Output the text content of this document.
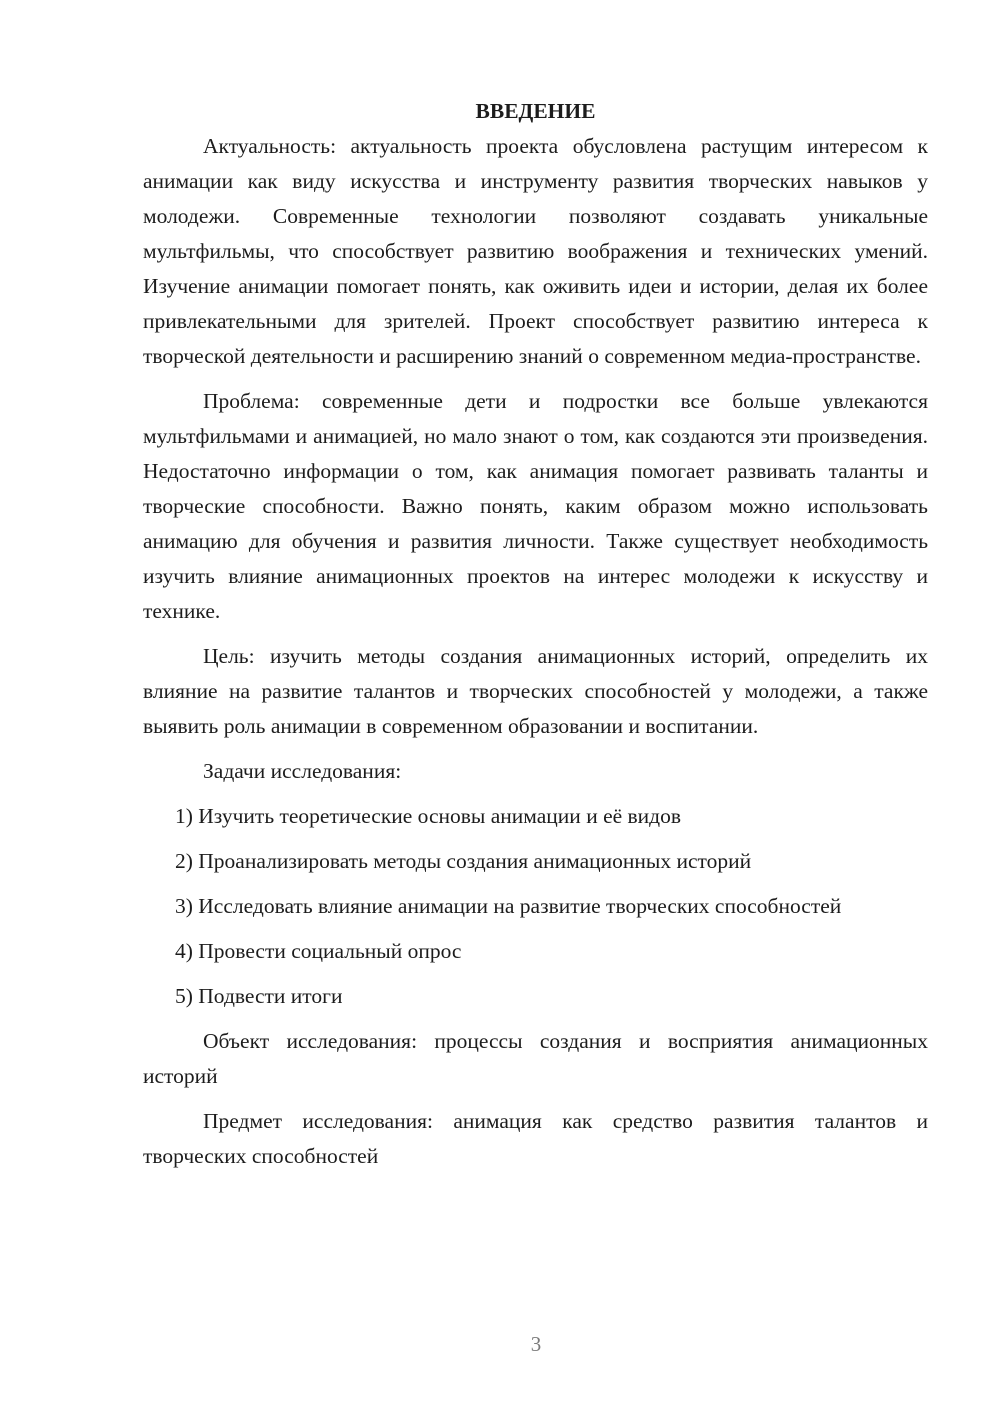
ВВЕДЕНИЕ

Актуальность: актуальность проекта обусловлена растущим интересом к анимации как виду искусства и инструменту развития творческих навыков у молодежи. Современные технологии позволяют создавать уникальные мультфильмы, что способствует развитию воображения и технических умений. Изучение анимации помогает понять, как оживить идеи и истории, делая их более привлекательными для зрителей. Проект способствует развитию интереса к творческой деятельности и расширению знаний о современном медиа-пространстве.

Проблема: современные дети и подростки все больше увлекаются мультфильмами и анимацией, но мало знают о том, как создаются эти произведения. Недостаточно информации о том, как анимация помогает развивать таланты и творческие способности. Важно понять, каким образом можно использовать анимацию для обучения и развития личности. Также существует необходимость изучить влияние анимационных проектов на интерес молодежи к искусству и технике.

Цель: изучить методы создания анимационных историй, определить их влияние на развитие талантов и творческих способностей у молодежи, а также выявить роль анимации в современном образовании и воспитании.

Задачи исследования:

1) Изучить теоретические основы анимации и её видов

2) Проанализировать методы создания анимационных историй

3) Исследовать влияние анимации на развитие творческих способностей

4) Провести социальный опрос

5) Подвести итоги

Объект исследования: процессы создания и восприятия анимационных историй

Предмет исследования: анимация как средство развития талантов и творческих способностей

3
